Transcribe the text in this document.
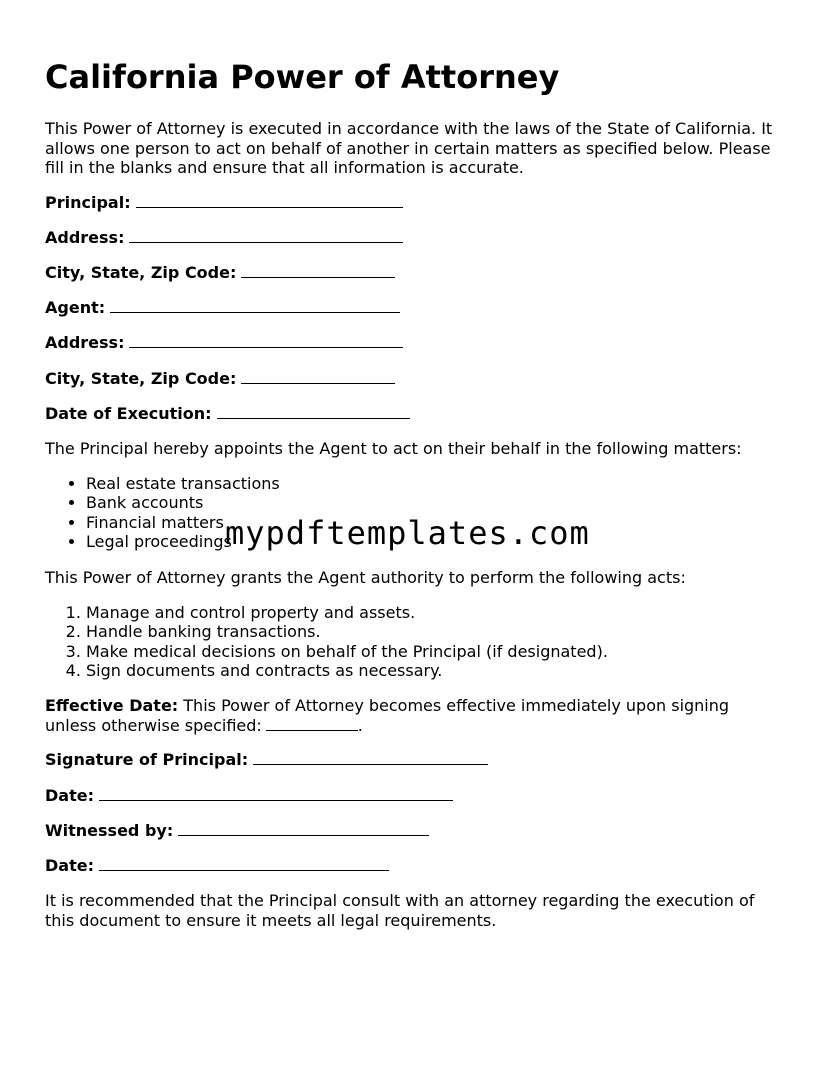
California Power of Attorney

This Power of Attorney is executed in accordance with the laws of the State of California. It allows one person to act on behalf of another in certain matters as specified below. Please fill in the blanks and ensure that all information is accurate.

Principal:
Address:
City, State, Zip Code:
Agent:
Address:
City, State, Zip Code:
Date of Execution:

The Principal hereby appoints the Agent to act on their behalf in the following matters:

• Real estate transactions
• Bank accounts
• Financial matters
• Legal proceedings

This Power of Attorney grants the Agent authority to perform the following acts:

1. Manage and control property and assets.
2. Handle banking transactions.
3. Make medical decisions on behalf of the Principal (if designated).
4. Sign documents and contracts as necessary.

Effective Date: This Power of Attorney becomes effective immediately upon signing unless otherwise specified:	.

Signature of Principal:
Date:
Witnessed by:
Date:

It is recommended that the Principal consult with an attorney regarding the execution of this document to ensure it meets all legal requirements.

mypdftemplates.com
